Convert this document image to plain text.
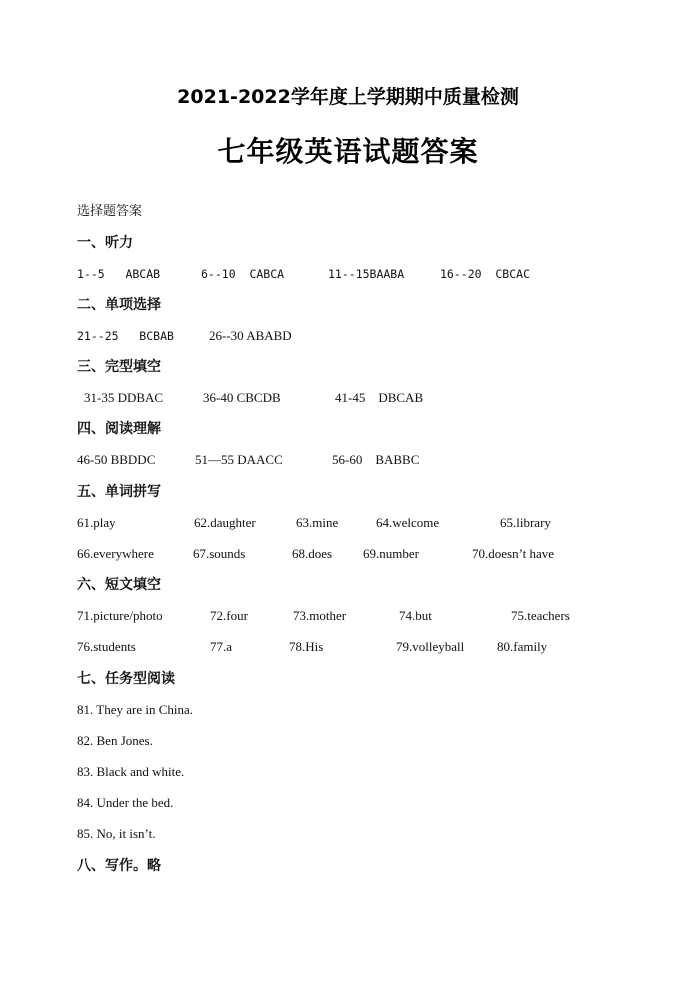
2021-2022学年度上学期期中质量检测
七年级英语试题答案
选择题答案
一、听力
1--5   ABCAB	6--10  CABCA	11--15BAABA	16--20  CBCAC
二、单项选择
21--25   BCBAB	26--30 ABABD
三、完型填空
31-35 DDBAC	36-40 CBCDB	41-45    DBCAB
四、阅读理解
46-50 BBDDC	51—55 DAACC	56-60    BABBC
五、单词拼写
61.play	62.daughter	63.mine	64.welcome	65.library
66.everywhere	67.sounds	68.does 69.number	70.doesn’t have
六、短文填空
71.picture/photo	72.four	73.mother	74.but	75.teachers
76.students	77.a	78.His	79.volleyball	80.family
七、任务型阅读
81. They are in China.
82. Ben Jones.
83. Black and white.
84. Under the bed.
85. No, it isn’t.
八、写作。略
